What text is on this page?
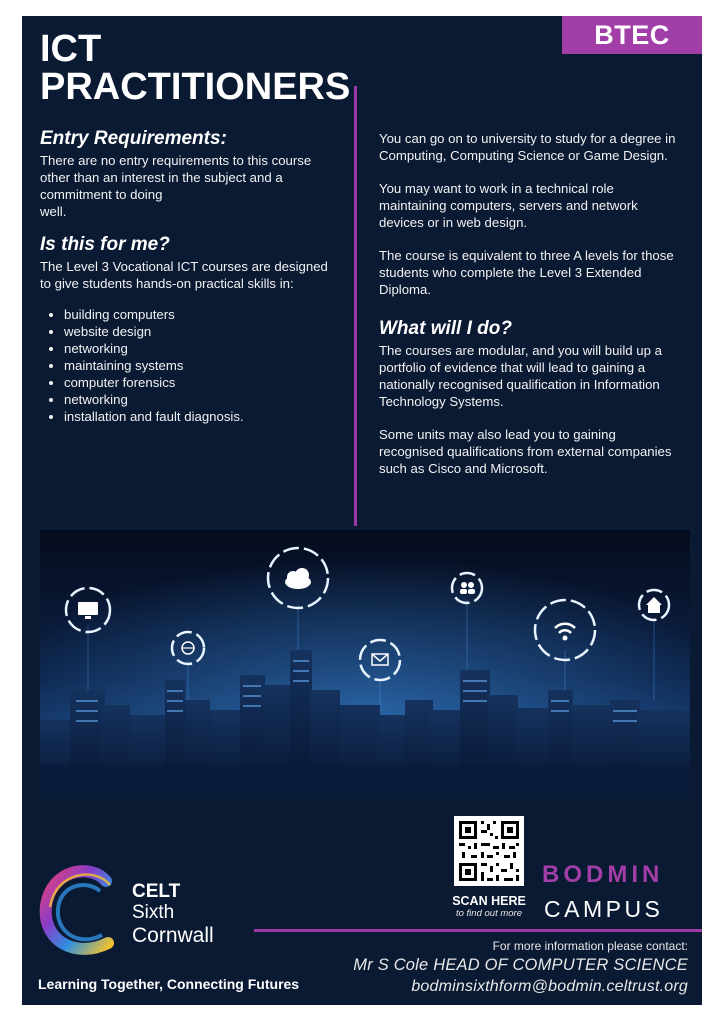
BTEC
ICT
PRACTITIONERS
Entry Requirements:

There are no entry requirements to this course other than an interest in the subject and a commitment to doing
well.

Is this for me?

The Level 3 Vocational ICT courses are designed to give students hands-on practical skills in:

• building computers
• website design
• networking
• maintaining systems
• computer forensics
• networking
• installation and fault diagnosis.

You can go on to university to study for a degree in Computing, Computing Science or Game Design.

You may want to work in a technical role maintaining computers, servers and network devices or in web design.

The course is equivalent to three A levels for those students who complete the Level 3 Extended Diploma.

What will I do?

The courses are modular, and you will build up a portfolio of evidence that will lead to gaining a nationally recognised qualification in Information Technology Systems.

Some units may also lead you to gaining recognised qualifications from external companies such as Cisco and Microsoft.

SCAN HERE
to find out more
BODMIN
CAMPUS
For more information please contact:
Mr S Cole HEAD OF COMPUTER SCIENCE
bodminsixthform@bodmin.celtrust.org
CELT
Sixth
Cornwall
Learning Together, Connecting Futures
